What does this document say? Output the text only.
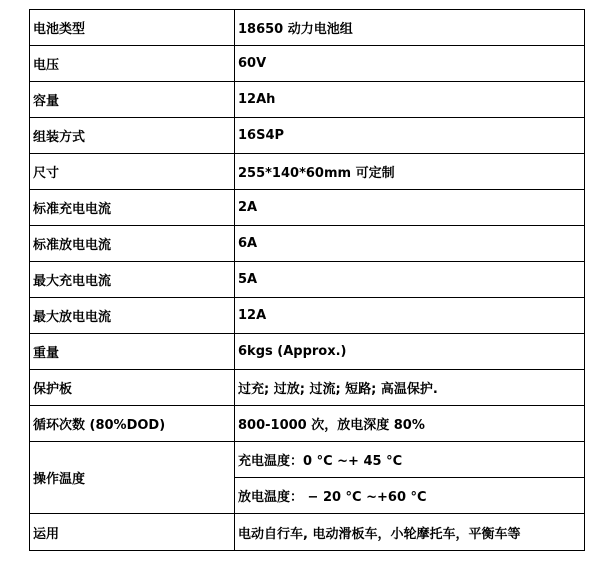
电池类型	18650 动力电池组
电压	60V
容量	12Ah
组装方式	16S4P
尺寸	255*140*60mm 可定制
标准充电电流	2A
标准放电电流	6A
最大充电电流	5A
最大放电电流	12A
重量	6kgs (Approx.)
保护板	过充; 过放; 过流; 短路; 高温保护.
循环次数 (80%DOD)	800-1000 次，放电深度 80%
操作温度	充电温度：0 °C ~+ 45 °C
	放电温度： − 20 °C ~+60 °C
运用	电动自行车, 电动滑板车，小轮摩托车，平衡车等
